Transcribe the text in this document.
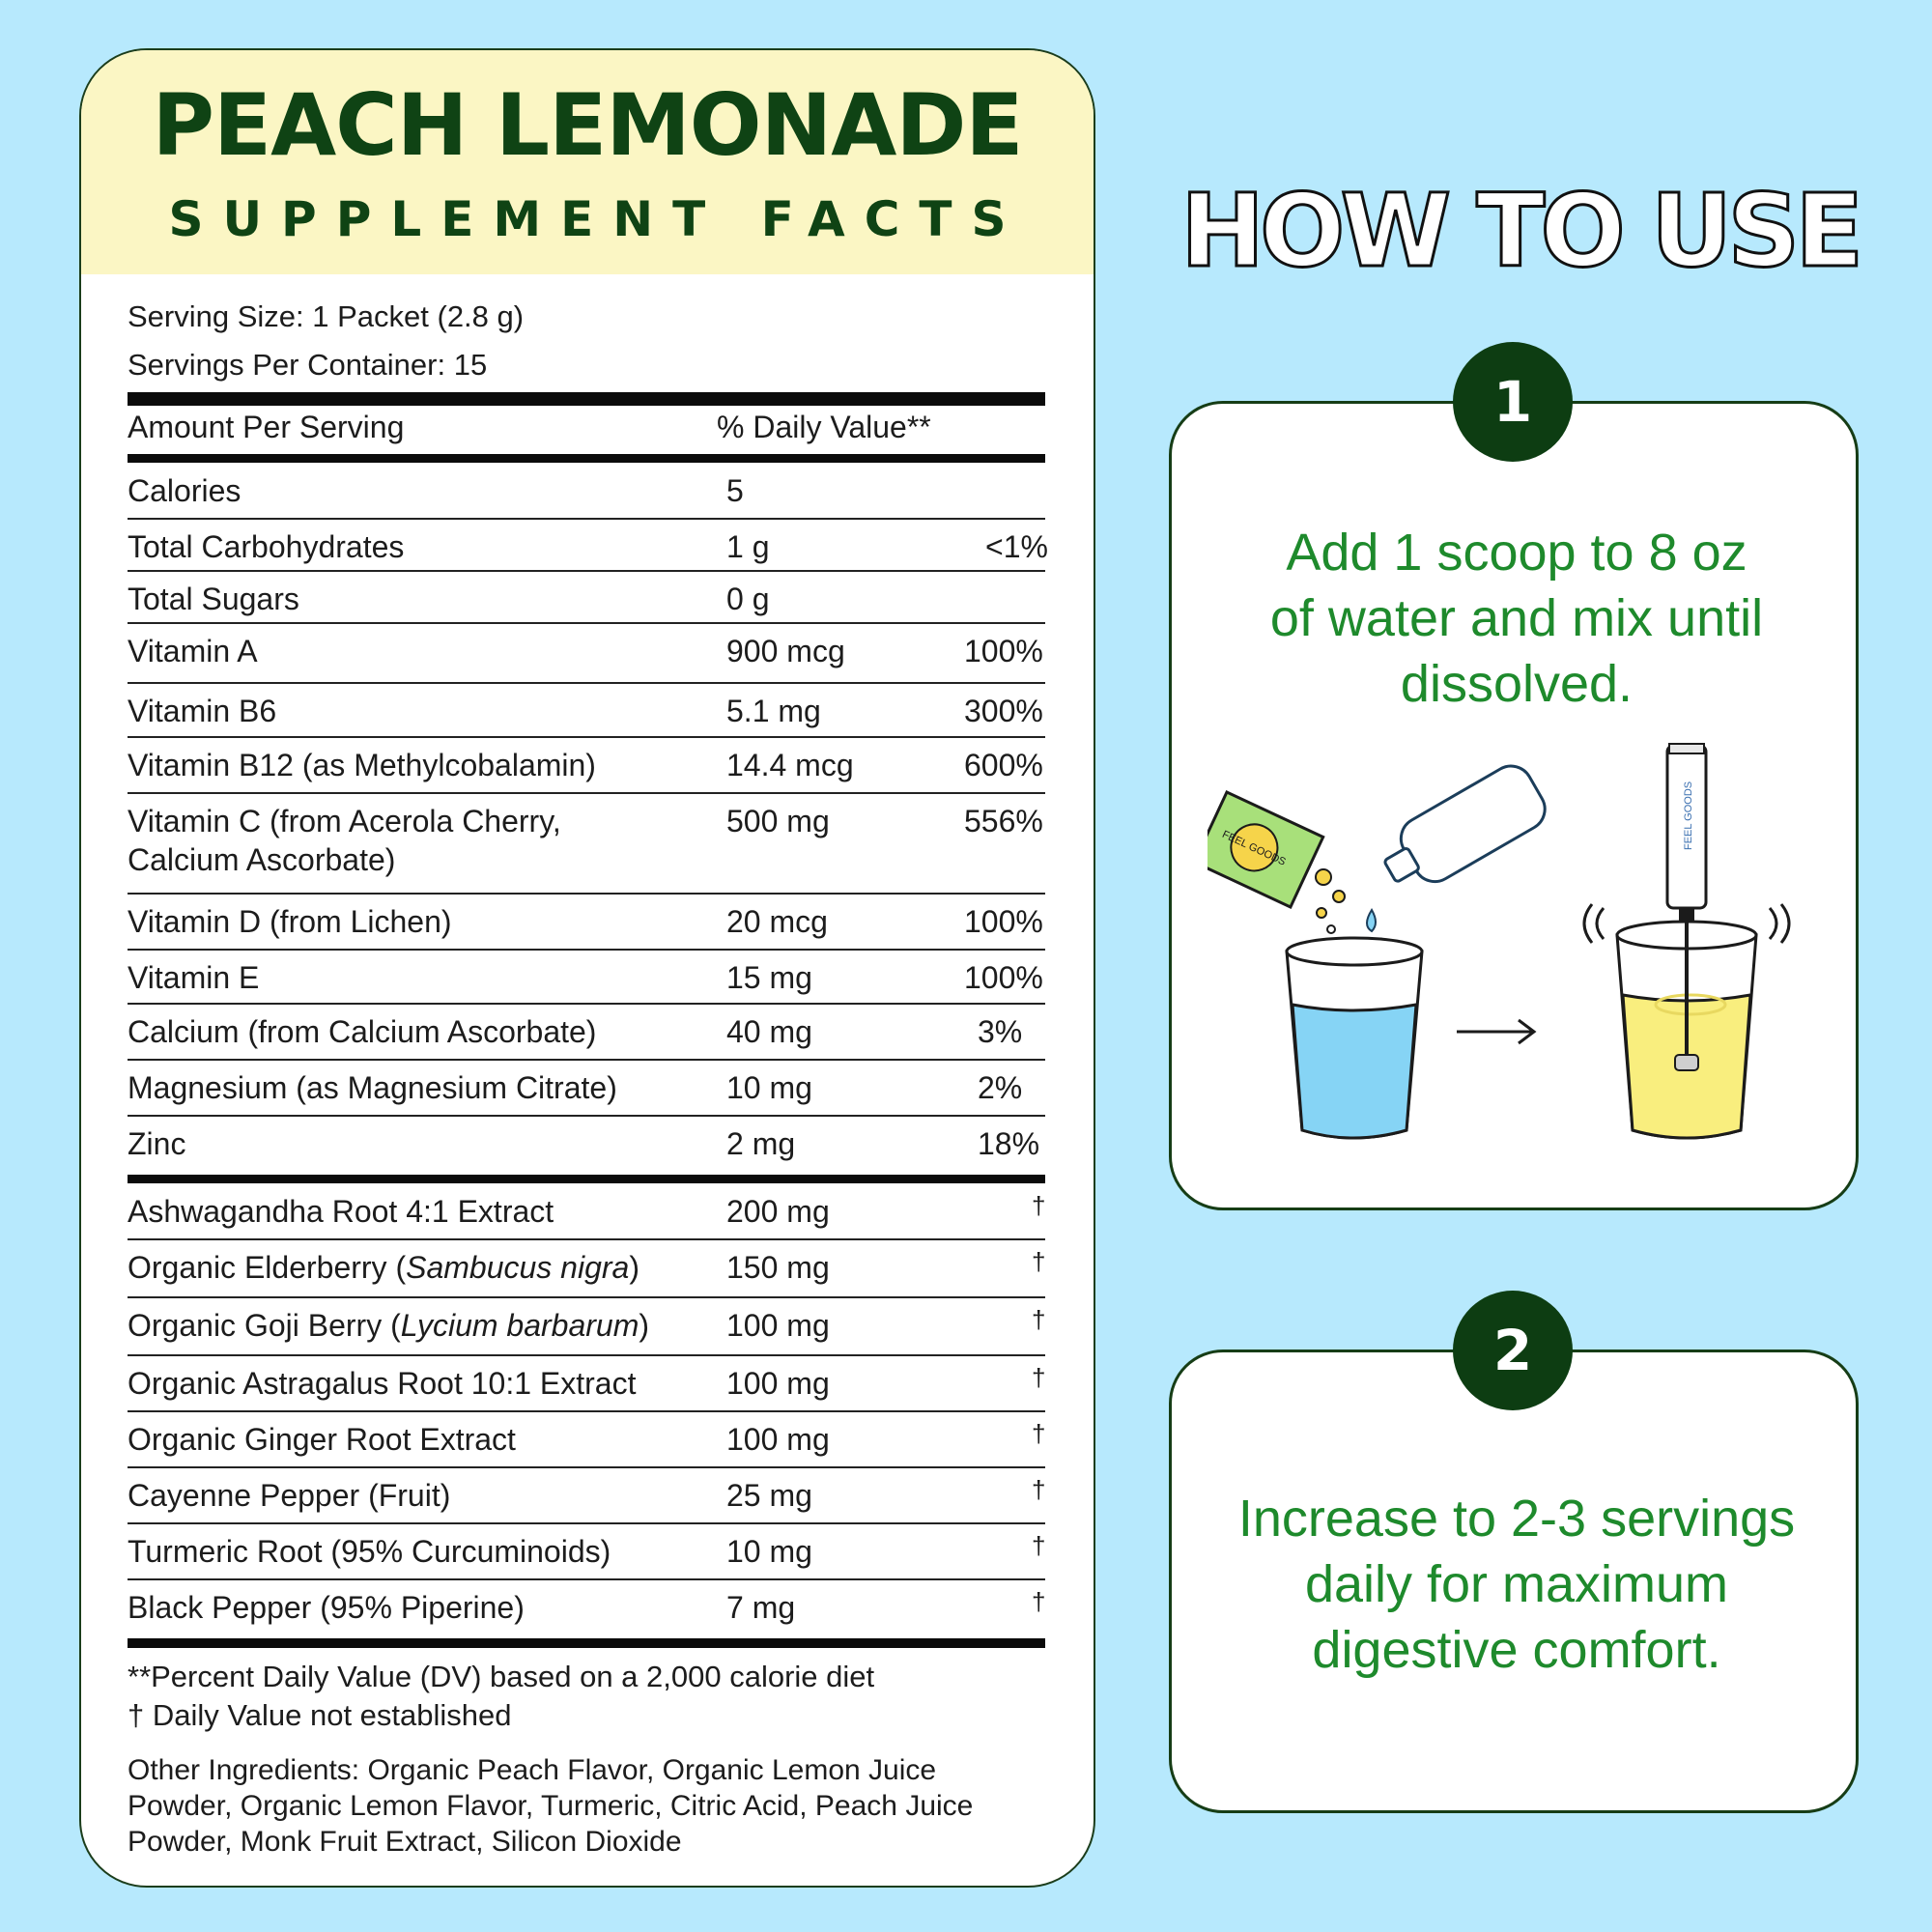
PEACH LEMONADE
SUPPLEMENT FACTS
Serving Size: 1 Packet (2.8 g)
Servings Per Container: 15
Amount Per Serving	% Daily Value**
Calories	5
Total Carbohydrates	1 g	<1%
Total Sugars	0 g
Vitamin A	900 mcg	100%
Vitamin B6	5.1 mg	300%
Vitamin B12 (as Methylcobalamin)	14.4 mcg	600%
Vitamin C (from Acerola Cherry,
Calcium Ascorbate)
500 mg	556%
Vitamin D (from Lichen)	20 mcg	100%
Vitamin E	15 mg	100%
Calcium (from Calcium Ascorbate)	40 mg	3%
Magnesium (as Magnesium Citrate)	10 mg	2%
Zinc	2 mg	18%
Ashwagandha Root 4:1 Extract	200 mg	†
Organic Elderberry (Sambucus nigra)	150 mg	†
Organic Goji Berry (Lycium barbarum) 100 mg	†
Organic Astragalus Root 10:1 Extract	100 mg	†
Organic Ginger Root Extract	100 mg	†
Cayenne Pepper (Fruit)	25 mg	†
Turmeric Root (95% Curcuminoids)	10 mg	†
Black Pepper (95% Piperine)	7 mg	†
**Percent Daily Value (DV) based on a 2,000 calorie diet
† Daily Value not established
Other Ingredients: Organic Peach Flavor, Organic Lemon Juice Powder, Organic Lemon Flavor, Turmeric, Citric Acid, Peach Juice Powder, Monk Fruit Extract, Silicon Dioxide
HOW TO USE
Add 1 scoop to 8 oz
of water and mix until
dissolved.
1
FEEL GOODS	FEEL GOODS
Increase to 2-3 servings
daily for maximum
digestive comfort.
2
